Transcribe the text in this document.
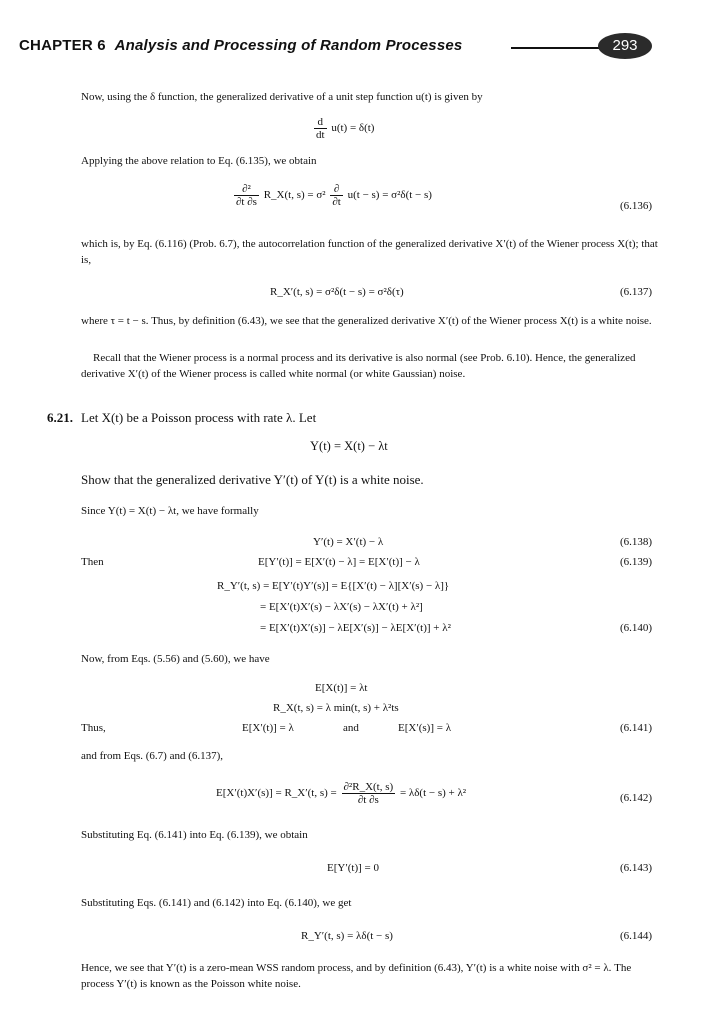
CHAPTER 6 Analysis and Processing of Random Processes	293
Now, using the δ function, the generalized derivative of a unit step function u(t) is given by
$\frac{d}{dt} u(t) = \delta(t)$
Applying the above relation to Eq. (6.135), we obtain
$\frac{\text{∂²}}{\partial t \partial s}$ R_X(t, $s) = \sigma^2 \frac{\partial}{\partial t} u(t - s) = \sigma^2\delta(t - s)$
(6.136)
which is, by Eq. (6.116) (Prob. 6.7), the autocorrelation function of the generalized derivative X′(t) of the Wiener process X(t); that is,
R_X′(t, s) = σ²δ(t − s) = σ²δ(τ)	(6.137)
where τ = t − s. Thus, by definition (6.43), we see that the generalized derivative X′(t) of the Wiener process X(t) is a white noise.
Recall that the Wiener process is a normal process and its derivative is also normal (see Prob. 6.10). Hence, the generalized derivative X′(t) of the Wiener process is called white normal (or white Gaussian) noise.
6.21. Let X(t) be a Poisson process with rate λ. Let
Y(t) = X(t) − λt
Show that the generalized derivative Y′(t) of Y(t) is a white noise.
Since Y(t) = X(t) − λt, we have formally
Y′(t) = X′(t) − λ	(6.138)
Then	E[Y′(t)] = E[X′(t) − λ] = E[X′(t)] − λ	(6.139)
R_Y′(t, s) = E[Y′(t)Y′(s)] = E{[X′(t) − λ][X′(s) − λ]}
= E[X′(t)X′(s) − λX′(s) − λX′(t) + λ²]
= E[X′(t)X′(s)] − λE[X′(s)] − λE[X′(t)] + λ²	(6.140)
Now, from Eqs. (5.56) and (5.60), we have
E[X(t)] = λt
R_X(t, s) = λ min(t, s) + λ²ts
Thus,	E[X′(t)] = λ	and	E[X′(s)] = λ	(6.141)
and from Eqs. (6.7) and (6.137),
E[X′(t)X′(s)] = R_X′(t, $s) = \frac{\text{∂²R\_X(t, s)}}{\partial t \partial s} = \lambda\delta(t - s) + \lambda^2$	(6.142)
Substituting Eq. (6.141) into Eq. (6.139), we obtain
E[Y′(t)] = 0	(6.143)
Substituting Eqs. (6.141) and (6.142) into Eq. (6.140), we get
R_Y′(t, s) = λδ(t − s)	(6.144)
Hence, we see that Y′(t) is a zero-mean WSS random process, and by definition (6.43), Y′(t) is a white noise with σ² = λ. The process Y′(t) is known as the Poisson white noise.
